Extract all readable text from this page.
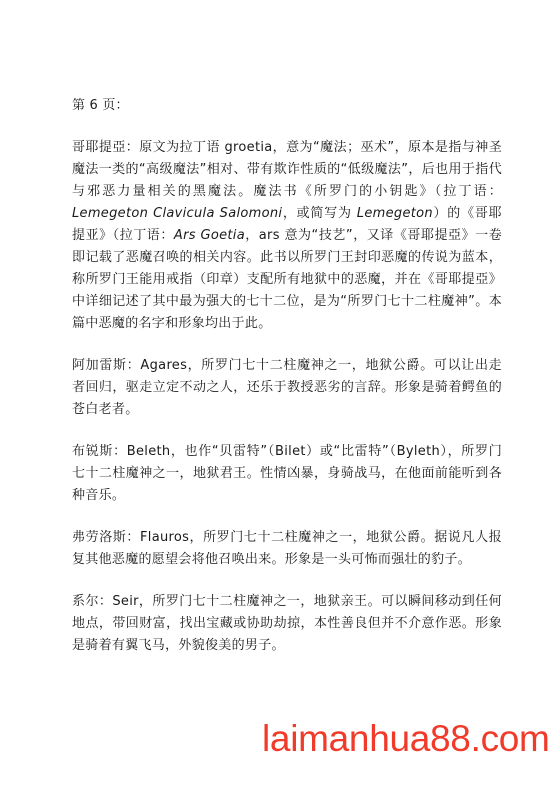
第 6 页：

哥耶提亞：原文为拉丁语 groetia，意为“魔法；巫术”，原本是指与神圣魔法一类的“高级魔法”相对、带有欺诈性质的“低级魔法”，后也用于指代与邪恶力量相关的黑魔法。魔法书《所罗门的小钥匙》（拉丁语：Lemegeton Clavicula Salomoni，或简写为 Lemegeton）的《哥耶提亚》（拉丁语：Ars Goetia，ars 意为“技艺”，又译《哥耶提亞》一卷即记载了恶魔召唤的相关内容。此书以所罗门王封印恶魔的传说为蓝本，称所罗门王能用戒指（印章）支配所有地狱中的恶魔，并在《哥耶提亞》中详细记述了其中最为强大的七十二位，是为“所罗门七十二柱魔神”。本篇中恶魔的名字和形象均出于此。

阿加雷斯：Agares，所罗门七十二柱魔神之一，地狱公爵。可以让出走者回归，驱走立定不动之人，还乐于教授恶劣的言辞。形象是骑着鳄鱼的苍白老者。

布锐斯：Beleth，也作“贝雷特”（Bilet）或“比雷特”（Byleth），所罗门七十二柱魔神之一，地狱君王。性情凶暴，身骑战马，在他面前能听到各种音乐。

弗劳洛斯：Flauros，所罗门七十二柱魔神之一，地狱公爵。据说凡人报复其他恶魔的愿望会将他召唤出来。形象是一头可怖而强壮的豹子。

系尔：Seir，所罗门七十二柱魔神之一，地狱亲王。可以瞬间移动到任何地点，带回财富，找出宝藏或协助劫掠，本性善良但并不介意作恶。形象是骑着有翼飞马，外貌俊美的男子。

laimanhua88.com
